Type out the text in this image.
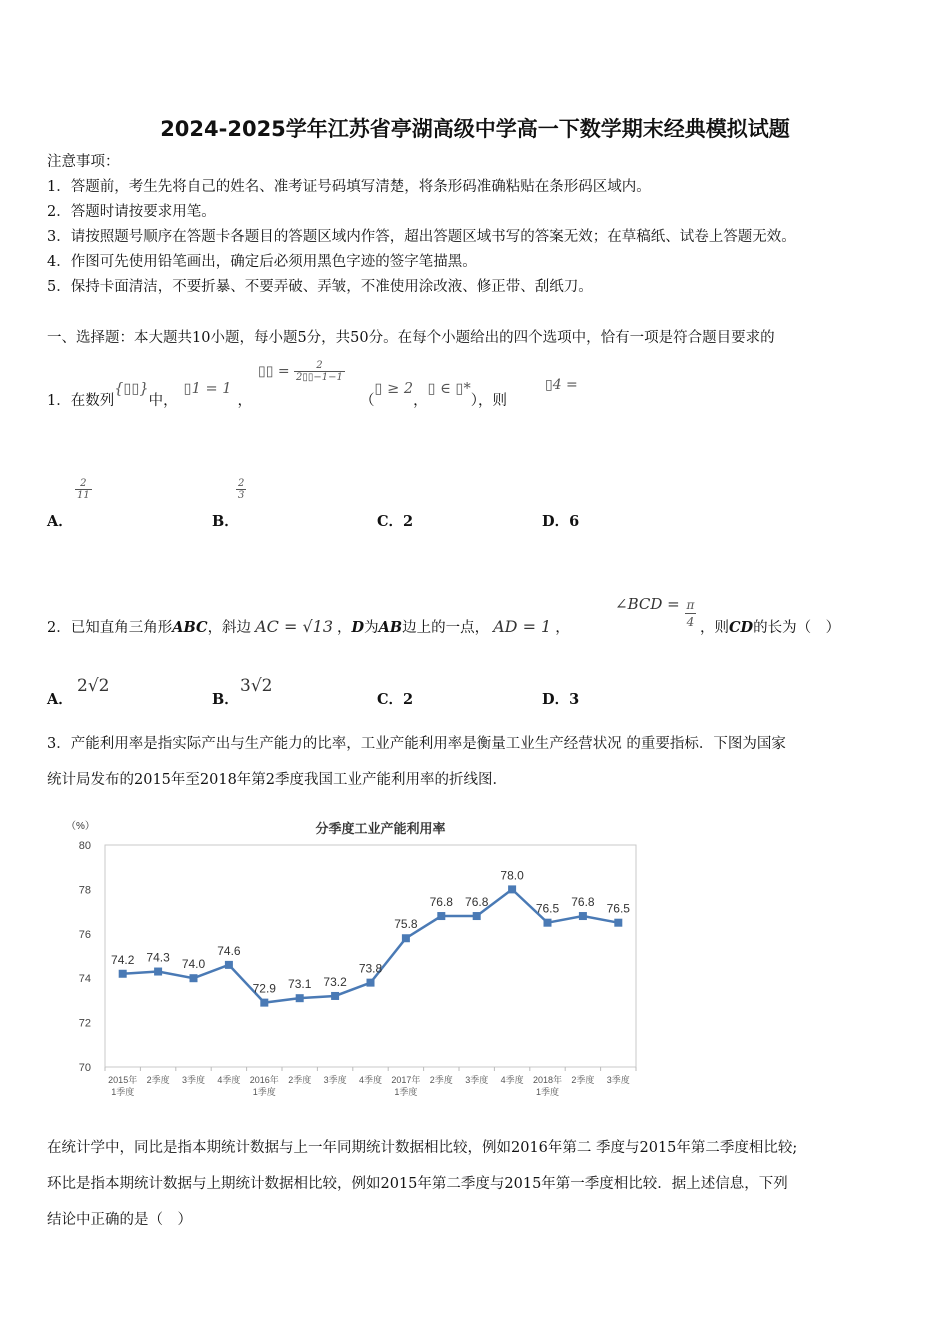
2024-2025学年江苏省亭湖高级中学高一下数学期末经典模拟试题
注意事项：
1．答题前，考生先将自己的姓名、准考证号码填写清楚，将条形码准确粘贴在条形码区域内。
2．答题时请按要求用笔。
3．请按照题号顺序在答题卡各题目的答题区域内作答，超出答题区域书写的答案无效；在草稿纸、试卷上答题无效。
4．作图可先使用铅笔画出，确定后必须用黑色字迹的签字笔描黑。
5．保持卡面清洁，不要折暴、不要弄破、弄皱，不准使用涂改液、修正带、刮纸刀。
一、选择题：本大题共10小题，每小题5分，共50分。在每个小题给出的四个选项中，恰有一项是符合题目要求的
1．在数列{▯▯}中，▯1 = 1，
▯▯ = $\frac{2}{2▯▯-1-1}$
（▯ ≥ 2，▯ ∈ ▯*），则
▯4 =
$\frac{2}{11}$
A．
$\frac{2}{3}$
B．	C．2	D．6
2．已知直角三角形ABC，斜边 AC = √13 ，D为AB边上的一点， AD = 1 ，
∠BCD = $\frac{\pi}{4}$ ，则CD的长为（　）
A．
2√2
B．
3√2
C．2	D．3
3．产能利用率是指实际产出与生产能力的比率，工业产能利用率是衡量工业生产经营状况 的重要指标．下图为国家
统计局发布的2015年至2018年第2季度我国工业产能利用率的折线图．
分季度工业产能利用率
（%）
80
78
76
74
72
70
2015年
1季度
2季度 3季度 4季度 2016年
1季度
2季度 3季度 4季度 2017年
1季度
2季度 3季度 4季度 2018年
1季度
2季度 3季度
74.2 74.3 74.0
74.6
72.9 73.1 73.2
73.8
75.8
76.8 76.8
78.0
76.5 76.8 76.5
在统计学中，同比是指本期统计数据与上一年同期统计数据相比较，例如2016年第二 季度与2015年第二季度相比较;
环比是指本期统计数据与上期统计数据相比较，例如2015年第二季度与2015年第一季度相比较．据上述信息，下列
结论中正确的是（　）
